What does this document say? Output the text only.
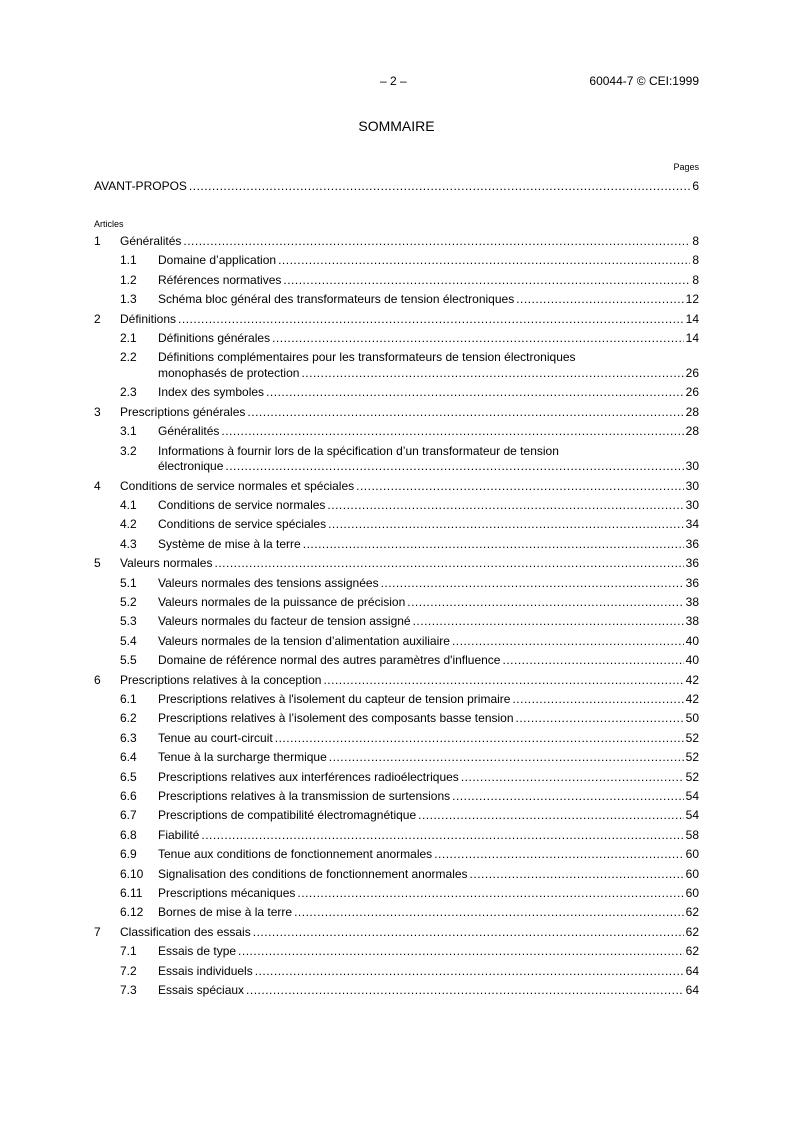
– 2 –	60044-7 © CEI:1999
SOMMAIRE
Pages
AVANT-PROPOS .....	6
Articles
1 Généralités .....	8
1.1 Domaine d’application .....	8
1.2 Références normatives .....	8
1.3 Schéma bloc général des transformateurs de tension électroniques .....	12
2 Définitions .....	14
2.1 Définitions générales .....	14
2.2 Définitions complémentaires pour les transformateurs de tension électroniques
monophasés de protection .....	26
2.3 Index des symboles .....	26
3 Prescriptions générales .....	28
3.1 Généralités .....	28
3.2 Informations à fournir lors de la spécification d’un transformateur de tension
électronique .....	30
4 Conditions de service normales et spéciales .....	30
4.1 Conditions de service normales .....	30
4.2 Conditions de service spéciales .....	34
4.3 Système de mise à la terre .....	36
5 Valeurs normales .....	36
5.1 Valeurs normales des tensions assignées .....	36
5.2 Valeurs normales de la puissance de précision .....	38
5.3 Valeurs normales du facteur de tension assigné .....	38
5.4 Valeurs normales de la tension d’alimentation auxiliaire .....	40
5.5 Domaine de référence normal des autres paramètres d'influence .....	40
6 Prescriptions relatives à la conception .....	42
6.1 Prescriptions relatives à l'isolement du capteur de tension primaire .....	42
6.2 Prescriptions relatives à l’isolement des composants basse tension .....	50
6.3 Tenue au court-circuit .....	52
6.4 Tenue à la surcharge thermique .....	52
6.5 Prescriptions relatives aux interférences radioélectriques .....	52
6.6 Prescriptions relatives à la transmission de surtensions .....	54
6.7 Prescriptions de compatibilité électromagnétique .....	54
6.8 Fiabilité .....	58
6.9 Tenue aux conditions de fonctionnement anormales .....	60
6.10 Signalisation des conditions de fonctionnement anormales .....	60
6.11 Prescriptions mécaniques .....	60
6.12 Bornes de mise à la terre .....	62
7 Classification des essais .....	62
7.1 Essais de type .....	62
7.2 Essais individuels .....	64
7.3 Essais spéciaux .....	64
